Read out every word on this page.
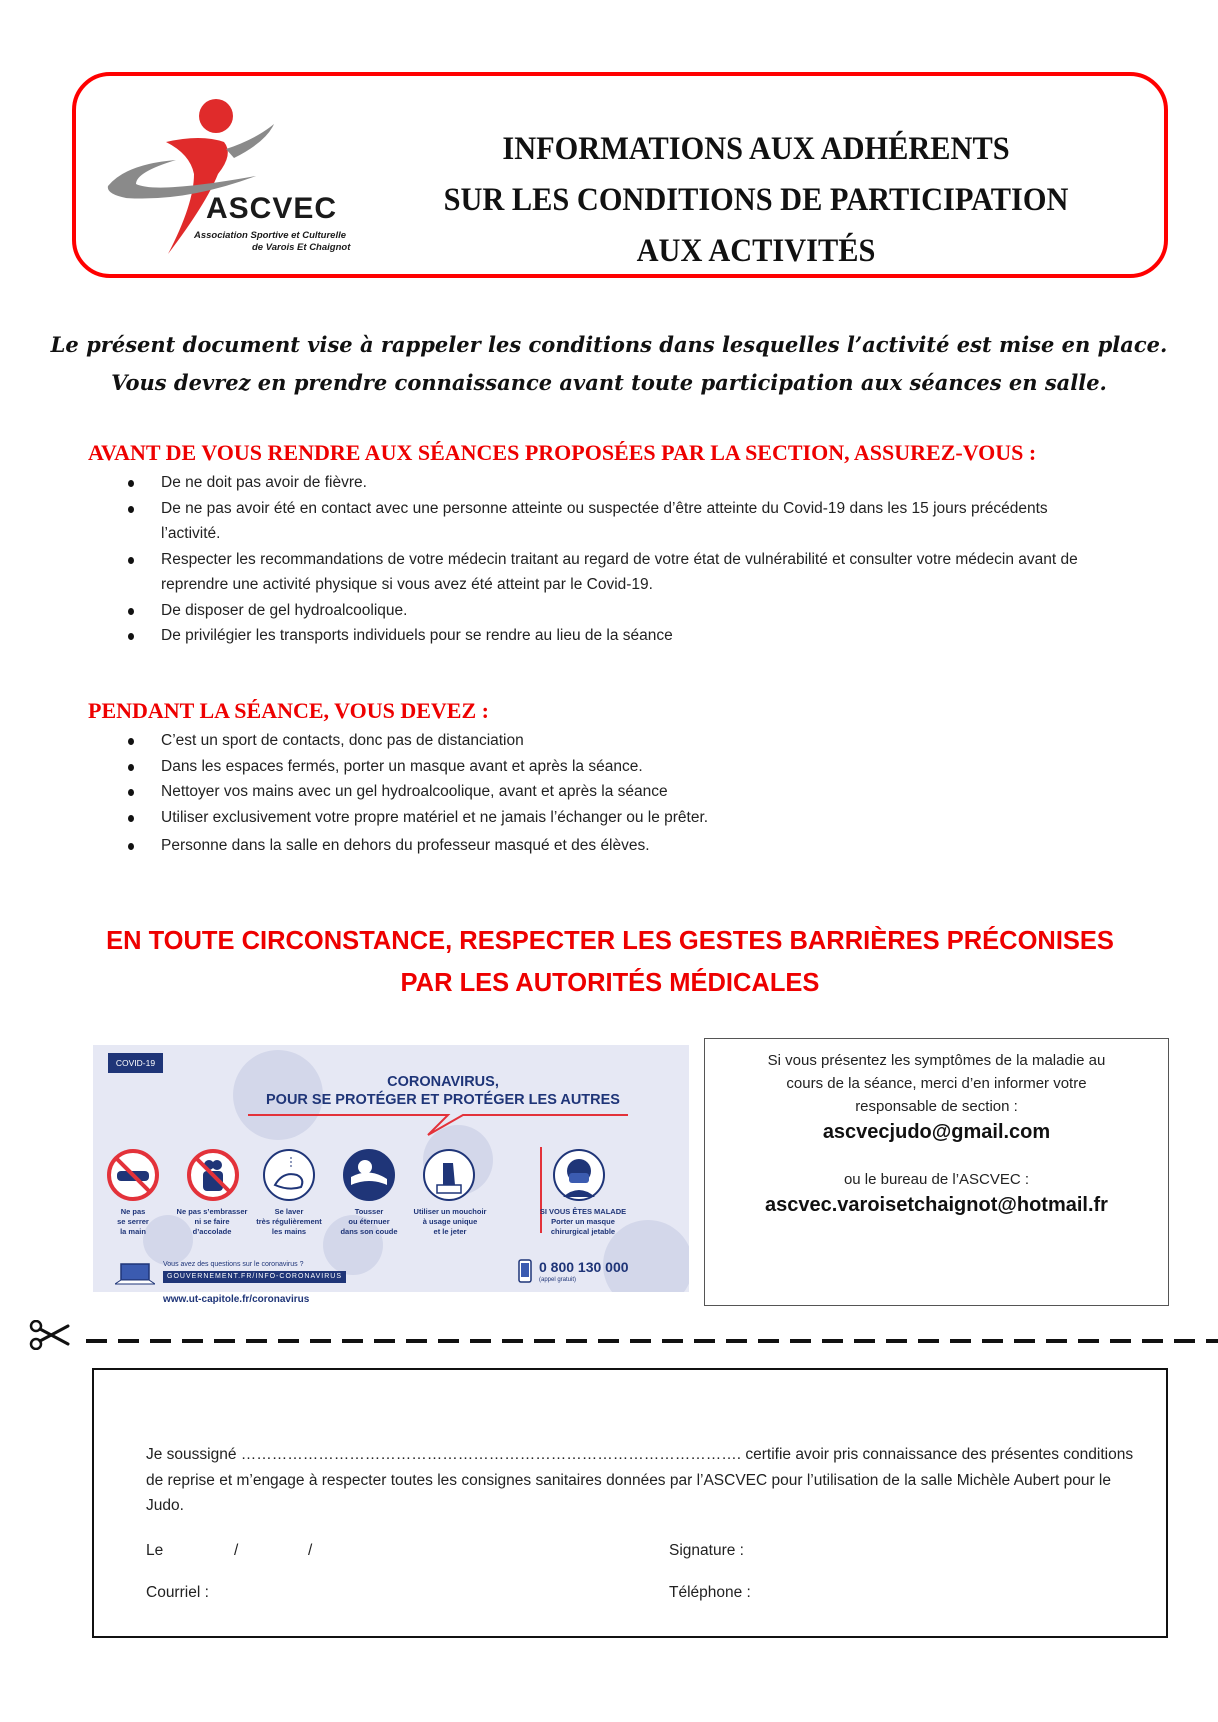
ASCVEC
Association Sportive et Culturelle
de Varois Et Chaignot
INFORMATIONS AUX ADHÉRENTS
SUR LES CONDITIONS DE PARTICIPATION
AUX ACTIVITÉS
Le présent document vise à rappeler les conditions dans lesquelles l’activité est mise en place.
Vous devrez en prendre connaissance avant toute participation aux séances en salle.
AVANT DE VOUS RENDRE AUX SÉANCES PROPOSÉES PAR LA SECTION, ASSUREZ-VOUS :
De ne doit pas avoir de fièvre.
De ne pas avoir été en contact avec une personne atteinte ou suspectée d’être atteinte du Covid-19 dans les 15 jours précédents l’activité.
Respecter les recommandations de votre médecin traitant au regard de votre état de vulnérabilité et consulter votre médecin avant de reprendre une activité physique si vous avez été atteint par le Covid-19.
De disposer de gel hydroalcoolique.
De privilégier les transports individuels pour se rendre au lieu de la séance
PENDANT LA SÉANCE, VOUS DEVEZ :
C’est un sport de contacts, donc pas de distanciation
Dans les espaces fermés, porter un masque avant et après la séance.
Nettoyer vos mains avec un gel hydroalcoolique, avant et après la séance
Utiliser exclusivement votre propre matériel et ne jamais l’échanger ou le prêter.
Personne dans la salle en dehors du professeur masqué et des élèves.
EN TOUTE CIRCONSTANCE, RESPECTER LES GESTES BARRIÈRES PRÉCONISES
PAR LES AUTORITÉS MÉDICALES
COVID-19
CORONAVIRUS,
POUR SE PROTÉGER ET PROTÉGER LES AUTRES
Ne pas
se serrer
la main
Ne pas s’embrasser
ni se faire
d’accolade
Se laver
très régulièrement
les mains
Tousser
ou éternuer
dans son coude
Utiliser un mouchoir
à usage unique
et le jeter
SI VOUS ÊTES MALADE
Porter un masque
chirurgical jetable
Vous avez des questions sur le coronavirus ?
GOUVERNEMENT.FR/INFO-CORONAVIRUS
0 800 130 000
(appel gratuit)
www.ut-capitole.fr/coronavirus
Si vous présentez les symptômes de la maladie au
cours de la séance, merci d’en informer votre
responsable de section :
ascvecjudo@gmail.com
ou le bureau de l’ASCVEC :
ascvec.varoisetchaignot@hotmail.fr
Je soussigné ……………………………………………………………………………………. certifie avoir pris connaissance des présentes conditions de reprise et m’engage à respecter toutes les consignes sanitaires données par l’ASCVEC pour l’utilisation de la salle Michèle Aubert pour le Judo.
Le	/	/	Signature :
Courriel :	Téléphone :
